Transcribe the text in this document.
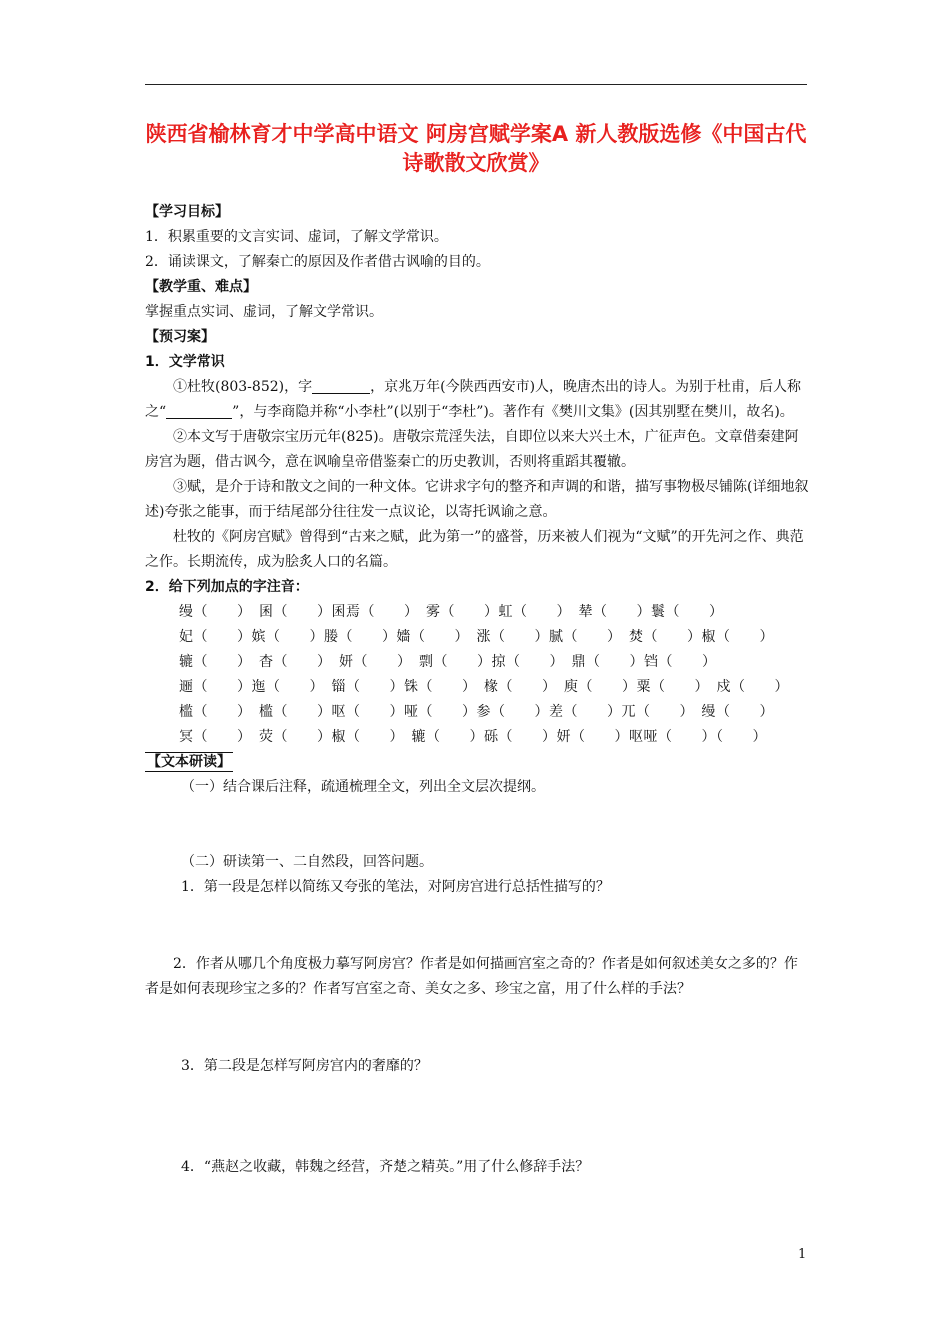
陕西省榆林育才中学高中语文 阿房宫赋学案A 新人教版选修《中国古代诗歌散文欣赏》

【学习目标】

1．积累重要的文言实词、虚词，了解文学常识。

2．诵读课文，了解秦亡的原因及作者借古讽喻的目的。

【教学重、难点】

掌握重点实词、虚词，了解文学常识。

【预习案】

1．文学常识

①杜牧(803-852)，字	，京兆万年(今陕西西安市)人，晚唐杰出的诗人。为别于杜甫，后人称之“	”，与李商隐并称“小李杜”(以别于“李杜”)。著作有《樊川文集》(因其别墅在樊川，故名)。

②本文写于唐敬宗宝历元年(825)。唐敬宗荒淫失法，自即位以来大兴土木，广征声色。文章借秦建阿房宫为题，借古讽今，意在讽喻皇帝借鉴秦亡的历史教训，否则将重蹈其覆辙。

③赋，是介于诗和散文之间的一种文体。它讲求字句的整齐和声调的和谐，描写事物极尽铺陈(详细地叙述)夸张之能事，而于结尾部分往往发一点议论，以寄托讽谕之意。

杜牧的《阿房宫赋》曾得到“古来之赋，此为第一”的盛誉，历来被人们视为“文赋”的开先河之作、典范之作。长期流传，成为脍炙人口的名篇。

2．给下列加点的字注音：

缦（　　）　囷（　　）囷焉（　　）　雾（　　）虹（　　）　辇（　　）鬟（　　）

妃（　　）嫔（　　）媵（　　）嬙（　　）　涨（　　）腻（　　）　焚（　　）椒（　　）

辘（　　）　杳（　　）　妍（　　）　剽（　　）掠（　　）　鼎（　　）铛（　　）

逦（　　）迤（　　）　锱（　　）铢（　　）　椽（　　）　庾（　　）粟（　　）　戍（　　）

槛（　　）　槛（　　）呕（　　）哑（　　）参（　　）差（　　）兀（　　）　缦（　　）

冥（　　）　荧（　　）椒（　　）　辘（　　）砾（　　）妍（　　）呕哑（　　）（　　）

【文本研读】

（一）结合课后注释，疏通梳理全文，列出全文层次提纲。

（二）研读第一、二自然段，回答问题。

1．第一段是怎样以简练又夸张的笔法，对阿房宫进行总括性描写的？

2．作者从哪几个角度极力摹写阿房宫？作者是如何描画宫室之奇的？作者是如何叙述美女之多的？作者是如何表现珍宝之多的？作者写宫室之奇、美女之多、珍宝之富，用了什么样的手法？

3．第二段是怎样写阿房宫内的奢靡的？

4．“燕赵之收藏，韩魏之经营，齐楚之精英。”用了什么修辞手法？

1
